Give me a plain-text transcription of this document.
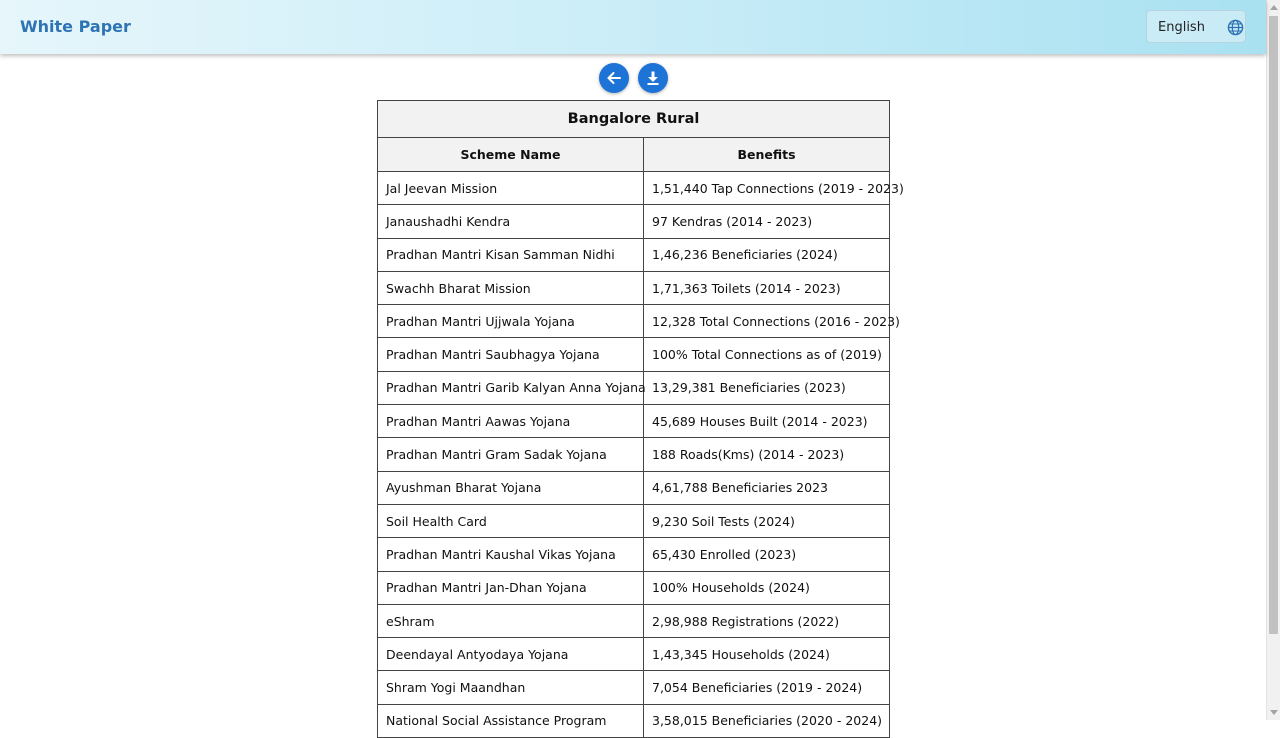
White Paper	English
Bangalore Rural	
Scheme Name	Benefits
Jal Jeevan Mission	1,51,440 Tap Connections (2019 - 2023)
Janaushadhi Kendra	97 Kendras (2014 - 2023)
Pradhan Mantri Kisan Samman Nidhi	1,46,236 Beneficiaries (2024)
Swachh Bharat Mission	1,71,363 Toilets (2014 - 2023)
Pradhan Mantri Ujjwala Yojana	12,328 Total Connections (2016 - 2023)
Pradhan Mantri Saubhagya Yojana	100% Total Connections as of (2019)
Pradhan Mantri Garib Kalyan Anna Yojana	13,29,381 Beneficiaries (2023)
Pradhan Mantri Aawas Yojana	45,689 Houses Built (2014 - 2023)
Pradhan Mantri Gram Sadak Yojana	188 Roads(Kms) (2014 - 2023)
Ayushman Bharat Yojana	4,61,788 Beneficiaries 2023
Soil Health Card	9,230 Soil Tests (2024)
Pradhan Mantri Kaushal Vikas Yojana	65,430 Enrolled (2023)
Pradhan Mantri Jan-Dhan Yojana	100% Households (2024)
eShram	2,98,988 Registrations (2022)
Deendayal Antyodaya Yojana	1,43,345 Households (2024)
Shram Yogi Maandhan	7,054 Beneficiaries (2019 - 2024)
National Social Assistance Program	3,58,015 Beneficiaries (2020 - 2024)
